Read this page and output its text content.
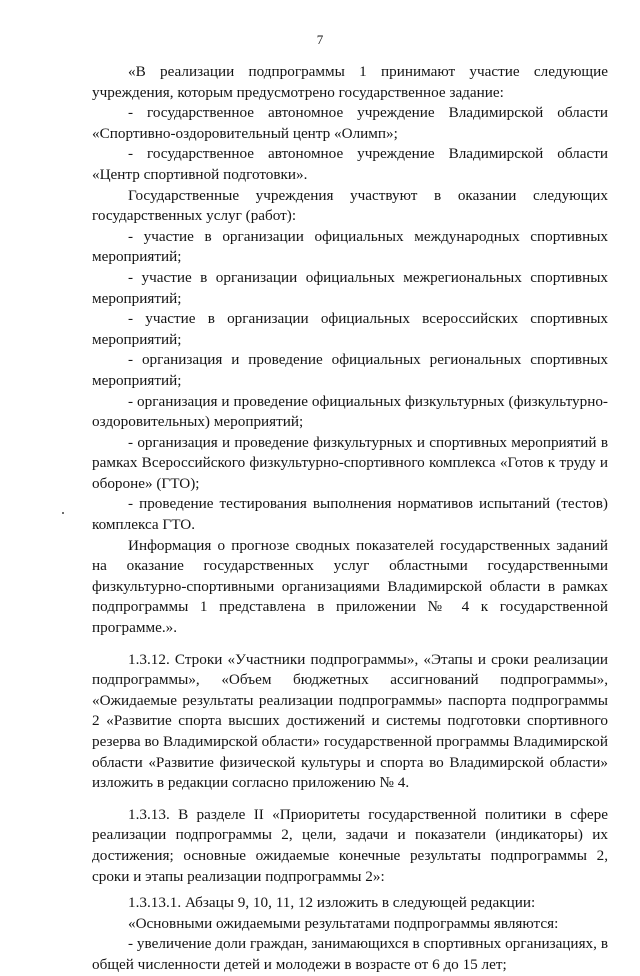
7

«В реализации подпрограммы 1 принимают участие следующие учреждения, которым предусмотрено государственное задание:

- государственное автономное учреждение Владимирской области «Спортивно-оздоровительный центр «Олимп»;

- государственное автономное учреждение Владимирской области «Центр спортивной подготовки».

Государственные учреждения участвуют в оказании следующих государственных услуг (работ):

- участие в организации официальных международных спортивных мероприятий;

- участие в организации официальных межрегиональных спортивных мероприятий;

- участие в организации официальных всероссийских спортивных мероприятий;

- организация и проведение официальных региональных спортивных мероприятий;

- организация и проведение официальных физкультурных (физкультурно-оздоровительных) мероприятий;

- организация и проведение физкультурных и спортивных мероприятий в рамках Всероссийского физкультурно-спортивного комплекса «Готов к труду и обороне» (ГТО);

- проведение тестирования выполнения нормативов испытаний (тестов) комплекса ГТО.

Информация о прогнозе сводных показателей государственных заданий на оказание государственных услуг областными государственными физкультурно-спортивными организациями Владимирской области в рамках подпрограммы 1 представлена в приложении № 4 к государственной программе.».

1.3.12. Строки «Участники подпрограммы», «Этапы и сроки реализации подпрограммы», «Объем бюджетных ассигнований подпрограммы», «Ожидаемые результаты реализации подпрограммы» паспорта подпрограммы 2 «Развитие спорта высших достижений и системы подготовки спортивного резерва во Владимирской области» государственной программы Владимирской области «Развитие физической культуры и спорта во Владимирской области» изложить в редакции согласно приложению № 4.

1.3.13. В разделе II «Приоритеты государственной политики в сфере реализации подпрограммы 2, цели, задачи и показатели (индикаторы) их достижения; основные ожидаемые конечные результаты подпрограммы 2, сроки и этапы реализации подпрограммы 2»:

1.3.13.1. Абзацы 9, 10, 11, 12 изложить в следующей редакции:

«Основными ожидаемыми результатами подпрограммы являются:

- увеличение доли граждан, занимающихся в спортивных организациях, в общей численности детей и молодежи в возрасте от 6 до 15 лет;
